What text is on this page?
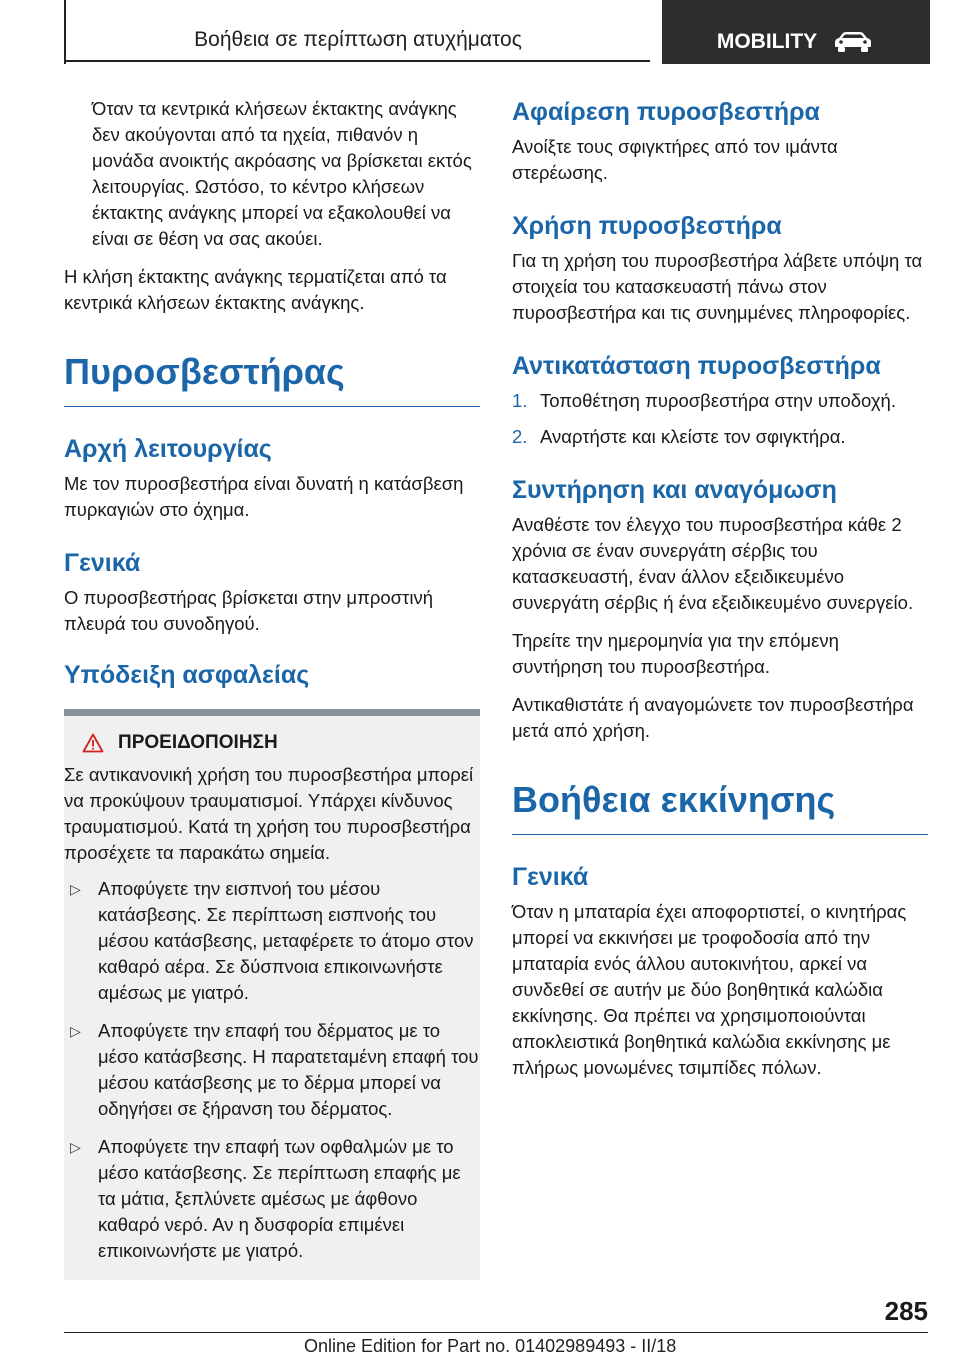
Βοήθεια σε περίπτωση ατυχήματος	MOBILITY

Όταν τα κεντρικά κλήσεων έκτακτης ανάγκης δεν ακούγονται από τα ηχεία, πιθανόν η μονάδα ανοικτής ακρόασης να βρίσκεται εκτός λειτουργίας. Ωστόσο, το κέντρο κλήσεων έκτακτης ανάγκης μπορεί να εξακολουθεί να είναι σε θέση να σας ακούει.

Η κλήση έκτακτης ανάγκης τερματίζεται από τα κεντρικά κλήσεων έκτακτης ανάγκης.

Πυροσβεστήρας
Αρχή λειτουργίας

Με τον πυροσβεστήρα είναι δυνατή η κατάσβεση πυρκαγιών στο όχημα.

Γενικά

Ο πυροσβεστήρας βρίσκεται στην μπροστινή πλευρά του συνοδηγού.

Υπόδειξη ασφαλείας
ΠΡΟΕΙΔΟΠΟΙΗΣΗ

Σε αντικανονική χρήση του πυροσβεστήρα μπορεί να προκύψουν τραυματισμοί. Υπάρχει κίνδυνος τραυματισμού. Κατά τη χρήση του πυροσβεστήρα προσέχετε τα παρακάτω σημεία.

▷ Αποφύγετε την εισπνοή του μέσου κατάσβεσης. Σε περίπτωση εισπνοής του μέσου κατάσβεσης, μεταφέρετε το άτομο στον καθαρό αέρα. Σε δύσπνοια επικοινωνήστε αμέσως με γιατρό.
▷ Αποφύγετε την επαφή του δέρματος με το μέσο κατάσβεσης. Η παρατεταμένη επαφή του μέσου κατάσβεσης με το δέρμα μπορεί να οδηγήσει σε ξήρανση του δέρματος.
▷ Αποφύγετε την επαφή των οφθαλμών με το μέσο κατάσβεσης. Σε περίπτωση επαφής με τα μάτια, ξεπλύνετε αμέσως με άφθονο καθαρό νερό. Αν η δυσφορία επιμένει επικοινωνήστε με γιατρό.
Αφαίρεση πυροσβεστήρα

Ανοίξτε τους σφιγκτήρες από τον ιμάντα στερέωσης.

Χρήση πυροσβεστήρα

Για τη χρήση του πυροσβεστήρα λάβετε υπόψη τα στοιχεία του κατασκευαστή πάνω στον πυροσβεστήρα και τις συνημμένες πληροφορίες.

Αντικατάσταση πυροσβεστήρα
1. Τοποθέτηση πυροσβεστήρα στην υποδοχή.
2. Αναρτήστε και κλείστε τον σφιγκτήρα.
Συντήρηση και αναγόμωση

Αναθέστε τον έλεγχο του πυροσβεστήρα κάθε 2 χρόνια σε έναν συνεργάτη σέρβις του κατασκευαστή, έναν άλλον εξειδικευμένο συνεργάτη σέρβις ή ένα εξειδικευμένο συνεργείο.

Τηρείτε την ημερομηνία για την επόμενη συντήρηση του πυροσβεστήρα.

Αντικαθιστάτε ή αναγομώνετε τον πυροσβεστήρα μετά από χρήση.

Βοήθεια εκκίνησης
Γενικά

Όταν η μπαταρία έχει αποφορτιστεί, ο κινητήρας μπορεί να εκκινήσει με τροφοδοσία από την μπαταρία ενός άλλου αυτοκινήτου, αρκεί να συνδεθεί σε αυτήν με δύο βοηθητικά καλώδια εκκίνησης. Θα πρέπει να χρησιμοποιούνται αποκλειστικά βοηθητικά καλώδια εκκίνησης με πλήρως μονωμένες τσιμπίδες πόλων.

285
Online Edition for Part no. 01402989493 - II/18
